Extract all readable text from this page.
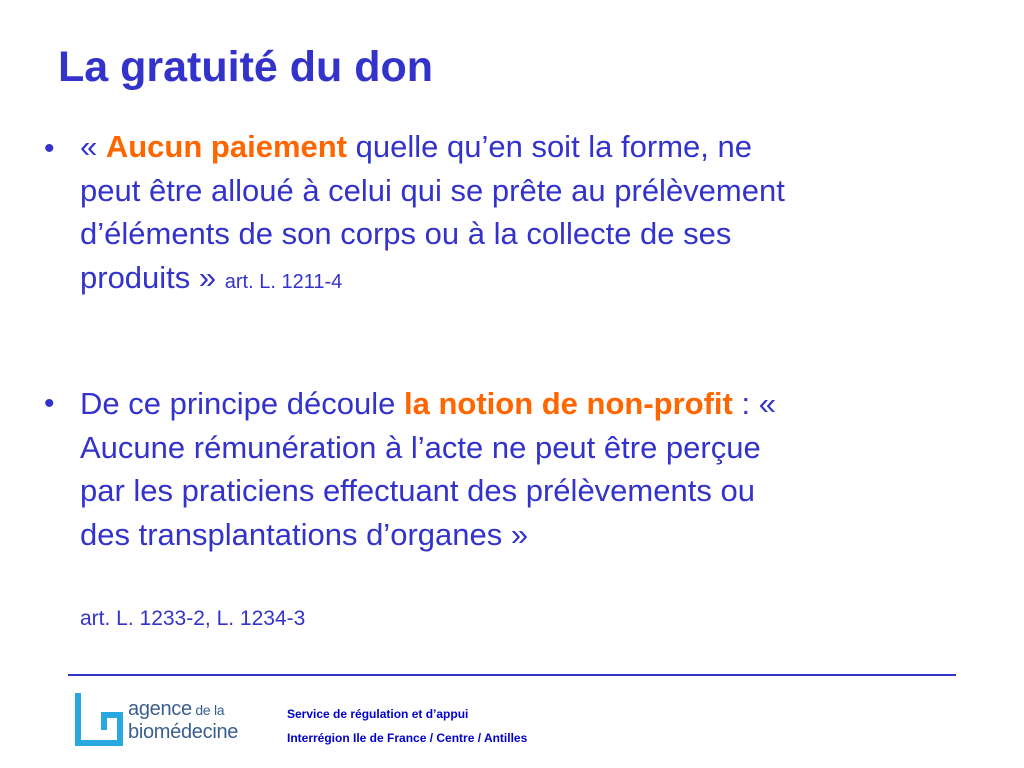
La gratuité du don
• « Aucun paiement quelle qu’en soit la forme, ne peut être alloué à celui qui se prête au prélèvement d’éléments de son corps ou à la collecte de ses produits » art. L. 1211-4
• De ce principe découle la notion de non-profit : « Aucune rémunération à l’acte ne peut être perçue par les praticiens effectuant des prélèvements ou des transplantations d’organes »
art. L. 1233-2, L. 1234-3
agence de la
biomédecine
Service de régulation et d’appui
Interrégion Ile de France / Centre / Antilles
